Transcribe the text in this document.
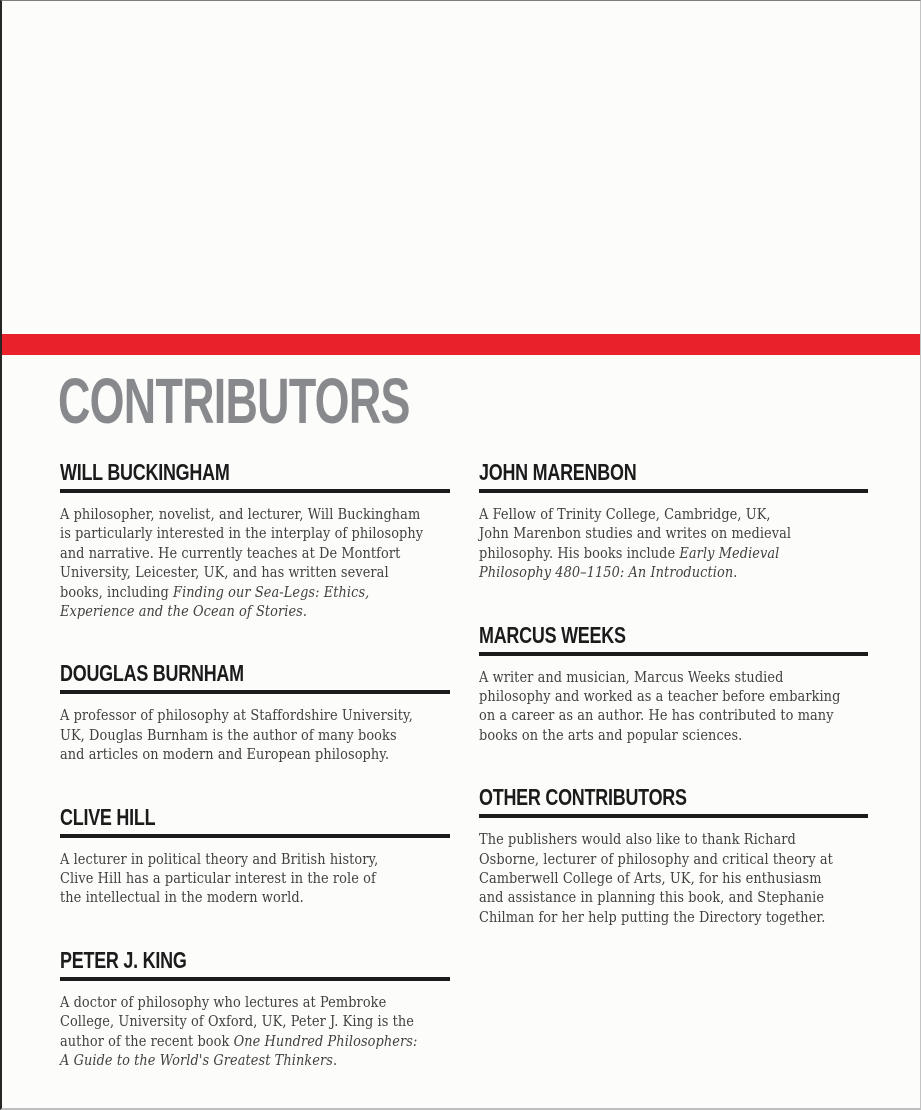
CONTRIBUTORS
WILL BUCKINGHAM

A philosopher, novelist, and lecturer, Will Buckingham
is particularly interested in the interplay of philosophy
and narrative. He currently teaches at De Montfort
University, Leicester, UK, and has written several
books, including Finding our Sea-Legs: Ethics,
Experience and the Ocean of Stories.

DOUGLAS BURNHAM

A professor of philosophy at Staffordshire University,
UK, Douglas Burnham is the author of many books
and articles on modern and European philosophy.

CLIVE HILL

A lecturer in political theory and British history,
Clive Hill has a particular interest in the role of
the intellectual in the modern world.

PETER J. KING

A doctor of philosophy who lectures at Pembroke
College, University of Oxford, UK, Peter J. King is the
author of the recent book One Hundred Philosophers:
A Guide to the World's Greatest Thinkers.

JOHN MARENBON

A Fellow of Trinity College, Cambridge, UK,
John Marenbon studies and writes on medieval
philosophy. His books include Early Medieval
Philosophy 480–1150: An Introduction.

MARCUS WEEKS

A writer and musician, Marcus Weeks studied
philosophy and worked as a teacher before embarking
on a career as an author. He has contributed to many
books on the arts and popular sciences.

OTHER CONTRIBUTORS

The publishers would also like to thank Richard
Osborne, lecturer of philosophy and critical theory at
Camberwell College of Arts, UK, for his enthusiasm
and assistance in planning this book, and Stephanie
Chilman for her help putting the Directory together.
